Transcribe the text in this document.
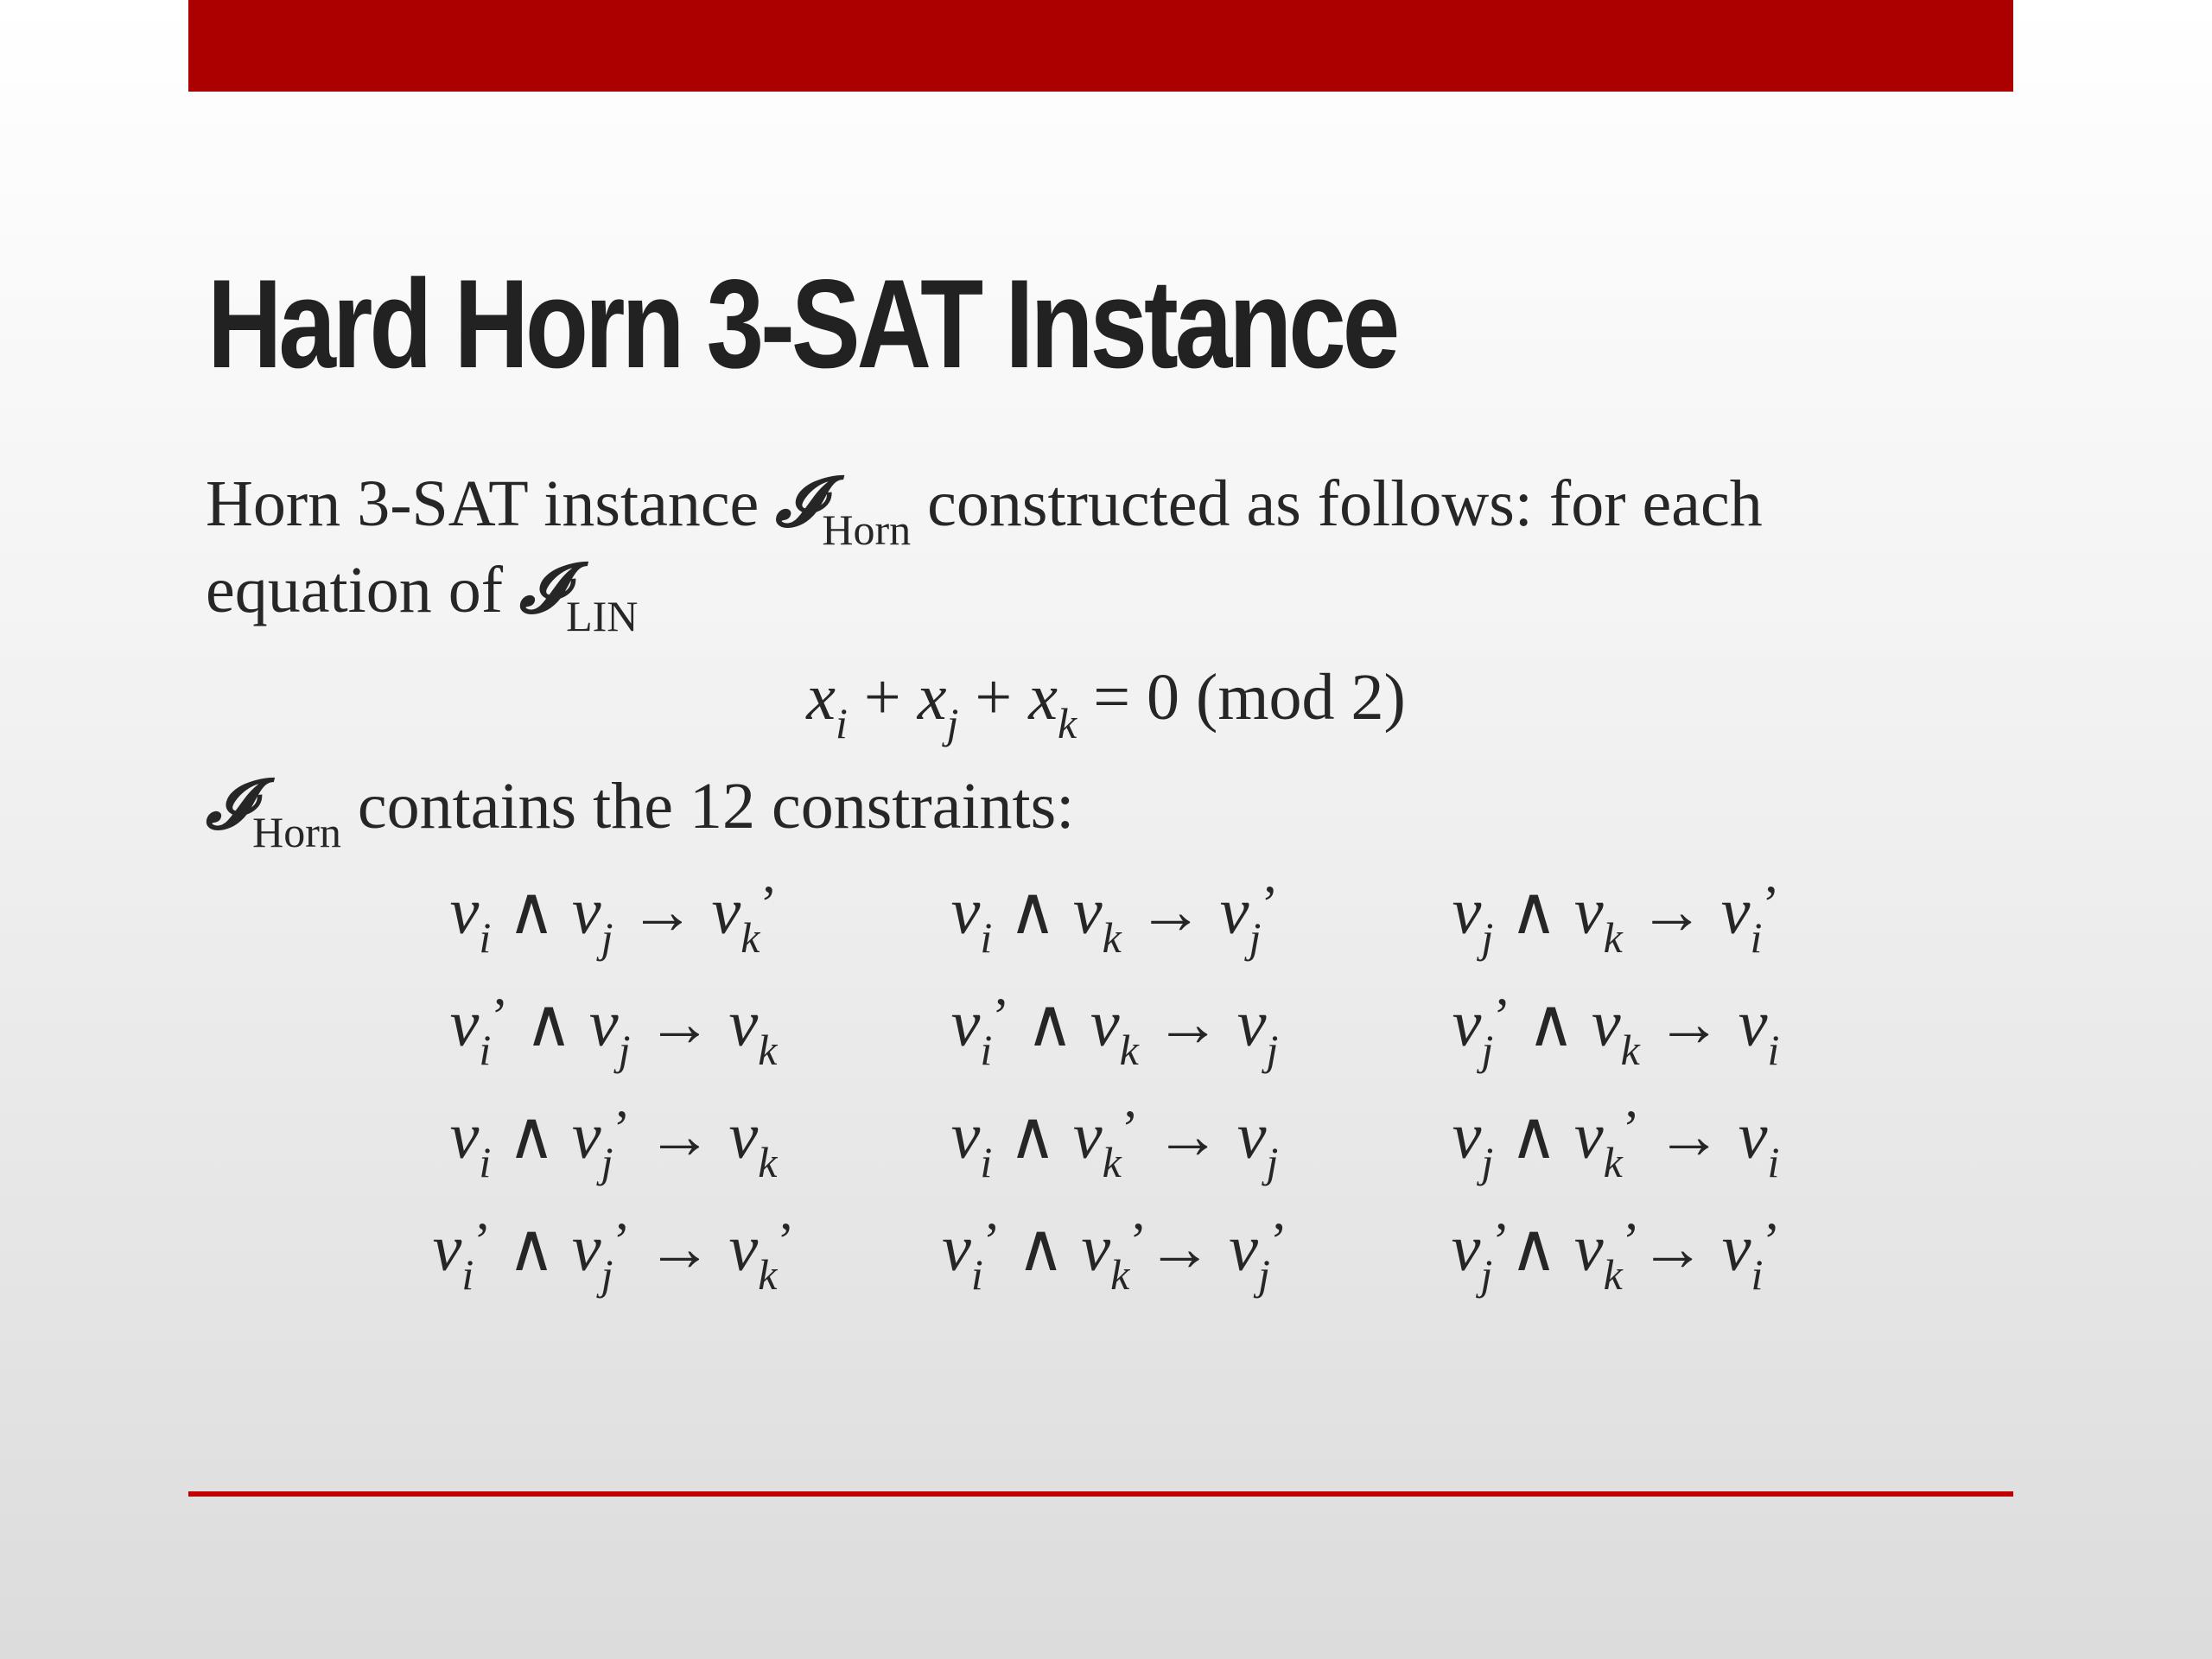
Hard Horn 3-SAT Instance
Horn 3-SAT instance 𝓘$_{Horn}$ constructed as follows: for each
equation of 𝓘$_{LIN}$
$x_i + x_j + x_k = 0$ (mod 2)
𝓘$_{Horn}$ contains the 12 constraints:
$v_i$ ∧ $v_j \to v_k$’	$v_i$ ∧ $v_k \to v_j$’	$v_j$ ∧ $v_k \to v_i$’
$v_i$’ ∧ $v_j \to v_k$	$v_i$’ ∧ $v_k \to v_j$	$v_j$’ ∧ $v_k \to v_i$
$v_i$ ∧ $v_j$’ → $v_k$	$v_i$ ∧ $v_k$’ → $v_j$	$v_j$ ∧ $v_k$’ → $v_i$
$v_i$’ ∧ $v_j$’ → $v_k$’	$v_i$’ ∧ $v_k’\to v_j$’	$v_j’\wedge$ $v_k’\to v_i$’
